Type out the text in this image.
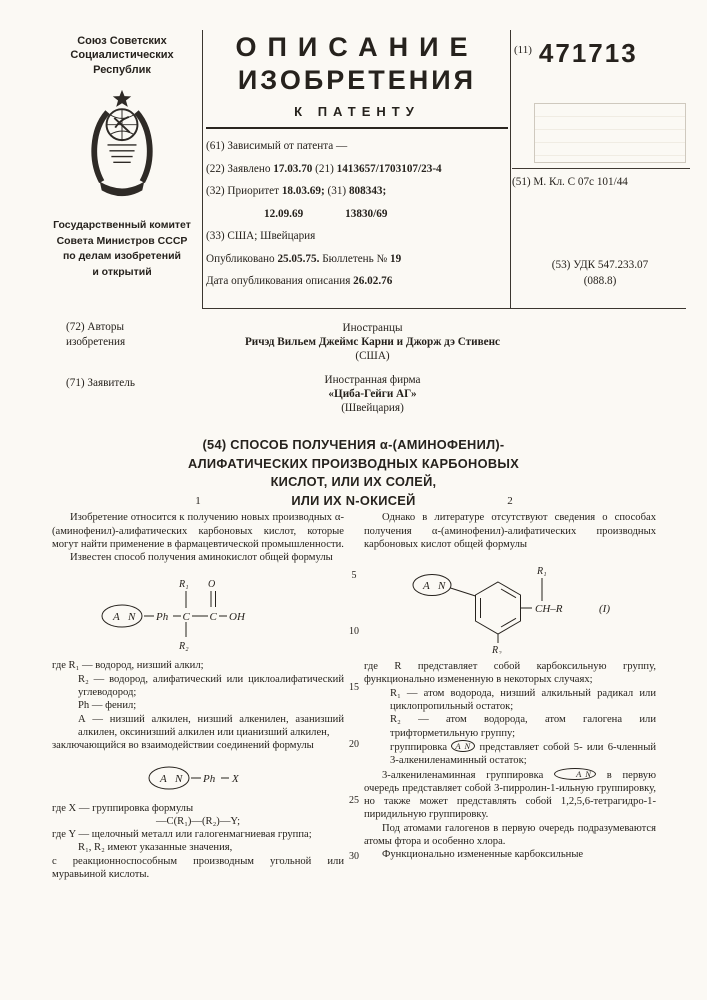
Союз Советских
Социалистических
Республик
Государственный комитет
Совета Министров СССР
по делам изобретений
и открытий
ОПИСАНИЕ
ИЗОБРЕТЕНИЯ
К ПАТЕНТУ
(61) Зависимый от патента —
(22) Заявлено 17.03.70 (21) 1413657/1703107/23-4
(32) Приоритет 18.03.69; (31) 808343;
12.09.69	13830/69
(33) США; Швейцария
Опубликовано 25.05.75. Бюллетень № 19
Дата опубликования описания 26.02.76
$^{(11)}$ 471713
(51) М. Кл. С 07с 101/44
(53) УДК 547.233.07
(088.8)
(72) Авторы
изобретения
Иностранцы
Ричэд Вильем Джеймс Карни и Джорж дэ Стивенс
(США)
(71) Заявитель	Иностранная фирма
«Циба-Гейги АГ»
(Швейцария)
(54) СПОСОБ ПОЛУЧЕНИЯ α-(АМИНОФЕНИЛ)-
АЛИФАТИЧЕСКИХ ПРОИЗВОДНЫХ КАРБОНОВЫХ
КИСЛОТ, ИЛИ ИХ СОЛЕЙ,
ИЛИ ИХ N-ОКИСЕЙ
5
10
15
20
25
30
1

Изобретение относится к получению новых производных α-(аминофенил)-алифатических карбоновых кислот, которые могут найти применение в фармацевтической промышленности.

Известен способ получения аминокислот общей формулы

R₁
A N Ph C C
O
OH
R₂

где R₁ — водород, низший алкил;

R₂ — водород, алифатический или циклоалифатический углеводород;

Ph — фенил;

А — низший алкилен, низший алкенилен, азанизший алкилен, оксинизший алкилен или цианизший алкилен,

заключающийся во взаимодействии соединений формулы

A N Ph X

где X — группировка формулы

—C(R₁)—(R₂)—Y;

где Y — щелочный металл или галогенмагниевая группа;

R₁, R₂ имеют указанные значения,

с реакционноспособным производным угольной или муравьиной кислоты.

2

Однако в литературе отсутствуют сведения о способах получения α-(аминофенил)-алифатических производных карбоновых кислот общей формулы

A N
R₂
CH–R
R₁
(I)

где R представляет собой карбоксильную группу, функционально измененную в некоторых случаях;

R₁ — атом водорода, низший алкильный радикал или циклопропильный остаток;

R₂ — атом водорода, атом галогена или трифторметильную группу;

группировка A N представляет собой 5- или 6-членный 3-алкениленаминный остаток;

3-алкениленаминная группировка	A N в первую очередь представляет собой 3-пирролин-1-ильную группировку, но также может представлять собой 1,2,5,6-тетрагидро-1-пиридильную группировку.

Под атомами галогенов в первую очередь подразумеваются атомы фтора и особенно хлора.

Функционально измененные карбоксильные
